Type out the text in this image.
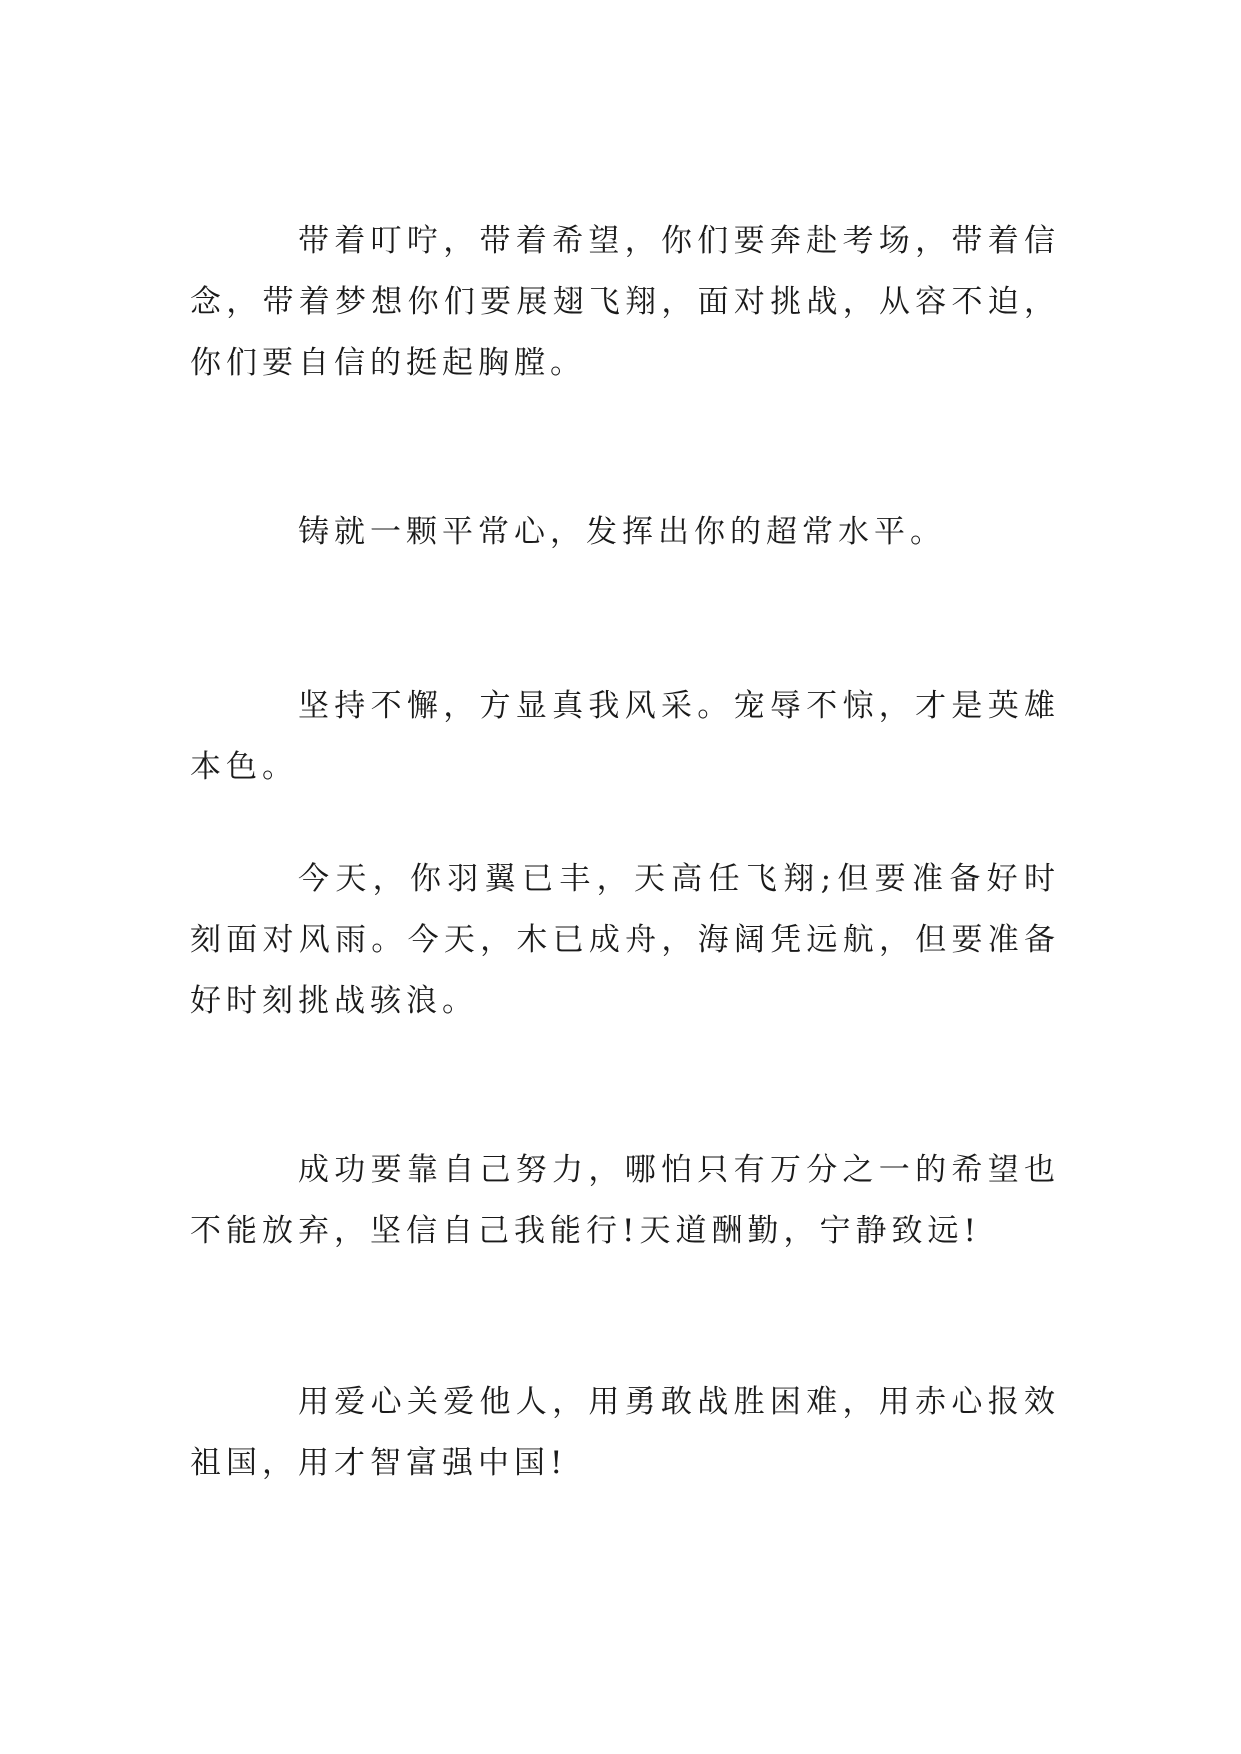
带着叮咛，带着希望，你们要奔赴考场，带着信念，带着梦想你们要展翅飞翔，面对挑战，从容不迫，你们要自信的挺起胸膛。

铸就一颗平常心，发挥出你的超常水平。

坚持不懈，方显真我风采。宠辱不惊，才是英雄本色。

今天，你羽翼已丰，天高任飞翔;但要准备好时刻面对风雨。今天，木已成舟，海阔凭远航，但要准备好时刻挑战骇浪。

成功要靠自己努力，哪怕只有万分之一的希望也不能放弃，坚信自己我能行!天道酬勤，宁静致远!

用爱心关爱他人，用勇敢战胜困难，用赤心报效祖国，用才智富强中国!
